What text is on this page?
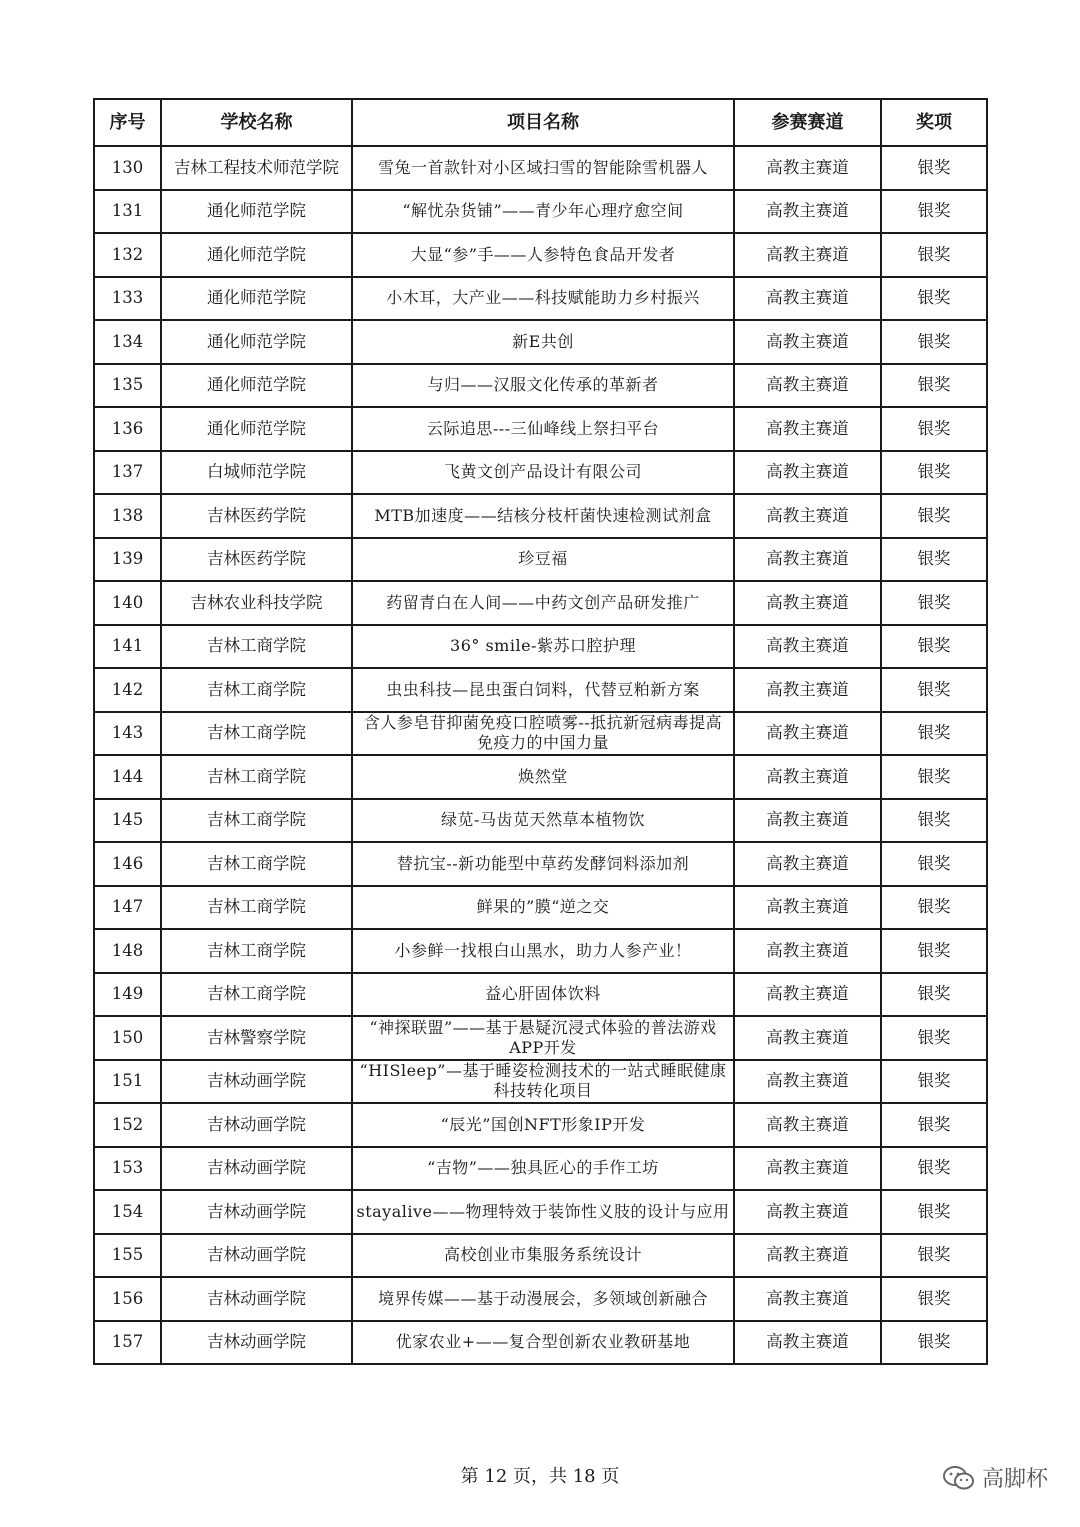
序号	学校名称	项目名称	参赛赛道	奖项
130	吉林工程技术师范学院	雪兔一首款针对小区域扫雪的智能除雪机器人	高教主赛道	银奖
131	通化师范学院	“解忧杂货铺”——青少年心理疗愈空间	高教主赛道	银奖
132	通化师范学院	大显“参”手——人参特色食品开发者	高教主赛道	银奖
133	通化师范学院	小木耳，大产业——科技赋能助力乡村振兴	高教主赛道	银奖
134	通化师范学院	新E共创	高教主赛道	银奖
135	通化师范学院	与归——汉服文化传承的革新者	高教主赛道	银奖
136	通化师范学院	云际追思---三仙峰线上祭扫平台	高教主赛道	银奖
137	白城师范学院	飞黄文创产品设计有限公司	高教主赛道	银奖
138	吉林医药学院	MTB加速度——结核分枝杆菌快速检测试剂盒	高教主赛道	银奖
139	吉林医药学院	珍豆福	高教主赛道	银奖
140	吉林农业科技学院	药留青白在人间——中药文创产品研发推广	高教主赛道	银奖
141	吉林工商学院	36° smile-紫苏口腔护理	高教主赛道	银奖
142	吉林工商学院	虫虫科技—昆虫蛋白饲料，代替豆粕新方案	高教主赛道	银奖
143	吉林工商学院	含人参皂苷抑菌免疫口腔喷雾--抵抗新冠病毒提高免疫力的中国力量	高教主赛道	银奖
144	吉林工商学院	焕然堂	高教主赛道	银奖
145	吉林工商学院	绿苋-马齿苋天然草本植物饮	高教主赛道	银奖
146	吉林工商学院	替抗宝--新功能型中草药发酵饲料添加剂	高教主赛道	银奖
147	吉林工商学院	鲜果的”膜“逆之交	高教主赛道	银奖
148	吉林工商学院	小参鲜一找根白山黑水，助力人参产业！	高教主赛道	银奖
149	吉林工商学院	益心肝固体饮料	高教主赛道	银奖
150	吉林警察学院	“神探联盟”——基于悬疑沉浸式体验的普法游戏APP开发	高教主赛道	银奖
151	吉林动画学院	“HISleep”—基于睡姿检测技术的一站式睡眠健康科技转化项目	高教主赛道	银奖
152	吉林动画学院	“辰光”国创NFT形象IP开发	高教主赛道	银奖
153	吉林动画学院	“吉物”——独具匠心的手作工坊	高教主赛道	银奖
154	吉林动画学院	stayalive——物理特效于装饰性义肢的设计与应用	高教主赛道	银奖
155	吉林动画学院	高校创业市集服务系统设计	高教主赛道	银奖
156	吉林动画学院	境界传媒——基于动漫展会，多领域创新融合	高教主赛道	银奖
157	吉林动画学院	优家农业+——复合型创新农业教研基地	高教主赛道	银奖
第 12 页，共 18 页	高脚杯
